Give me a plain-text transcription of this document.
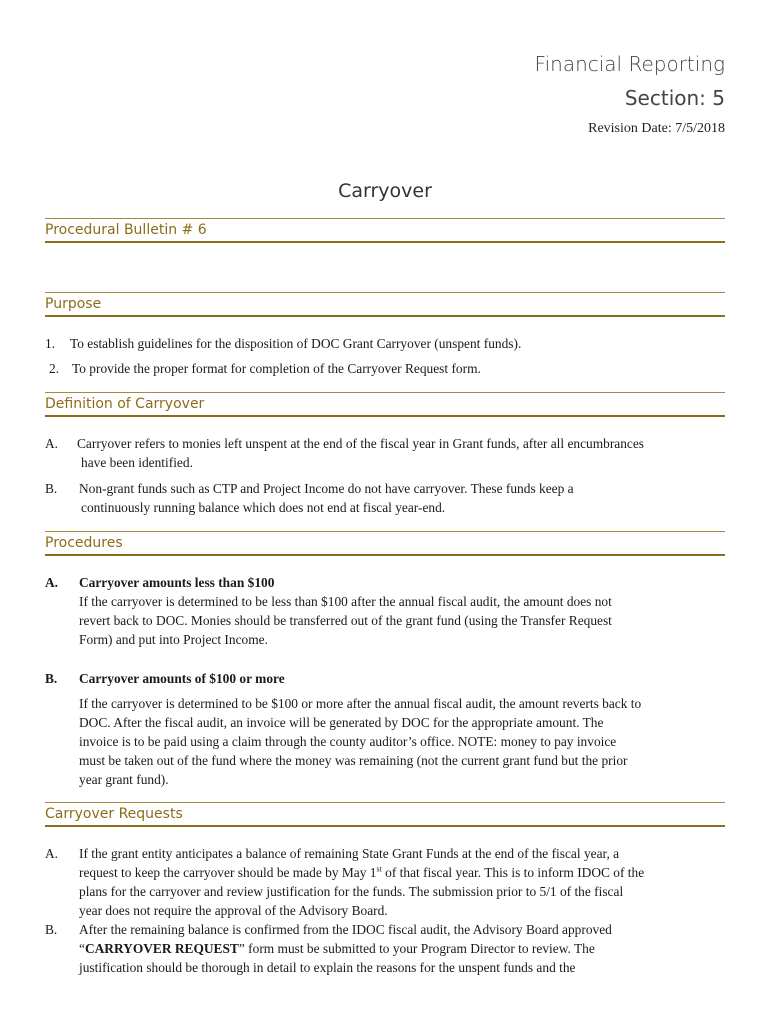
Financial Reporting
Section: 5
Revision Date: 7/5/2018
Carryover
Procedural Bulletin # 6
Purpose
1. To establish guidelines for the disposition of DOC Grant Carryover (unspent funds).
2. To provide the proper format for completion of the Carryover Request form.
Definition of Carryover
A. Carryover refers to monies left unspent at the end of the fiscal year in Grant funds, after all encumbrances
have been identified.
B. Non-grant funds such as CTP and Project Income do not have carryover. These funds keep a
continuously running balance which does not end at fiscal year-end.
Procedures
A. Carryover amounts less than $100
If the carryover is determined to be less than $100 after the annual fiscal audit, the amount does not
revert back to DOC. Monies should be transferred out of the grant fund (using the Transfer Request
Form) and put into Project Income.
B. Carryover amounts of $100 or more
If the carryover is determined to be $100 or more after the annual fiscal audit, the amount reverts back to
DOC. After the fiscal audit, an invoice will be generated by DOC for the appropriate amount. The
invoice is to be paid using a claim through the county auditor’s office. NOTE: money to pay invoice
must be taken out of the fund where the money was remaining (not the current grant fund but the prior
year grant fund).
Carryover Requests
A. If the grant entity anticipates a balance of remaining State Grant Funds at the end of the fiscal year, a
request to keep the carryover should be made by May 1st of that fiscal year. This is to inform IDOC of the
plans for the carryover and review justification for the funds. The submission prior to 5/1 of the fiscal
year does not require the approval of the Advisory Board.
B. After the remaining balance is confirmed from the IDOC fiscal audit, the Advisory Board approved
“CARRYOVER REQUEST” form must be submitted to your Program Director to review. The
justification should be thorough in detail to explain the reasons for the unspent funds and the
